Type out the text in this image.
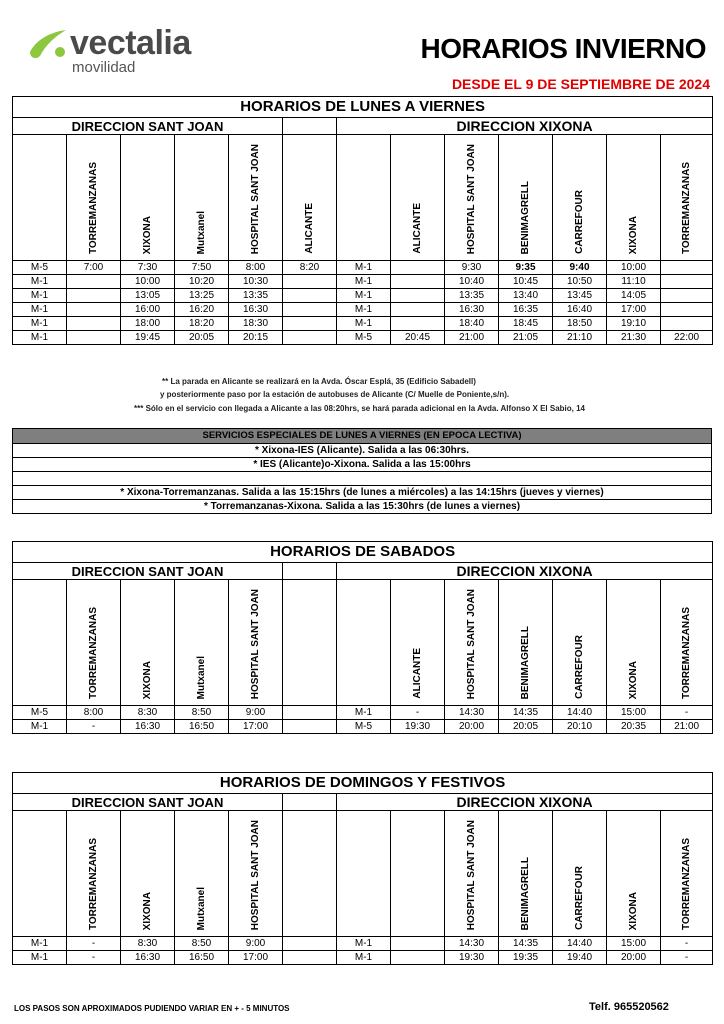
vectalia
movilidad
HORARIOS INVIERNO
DESDE EL 9 DE SEPTIEMBRE DE 2024
HORARIOS DE LUNES A VIERNES												
DIRECCION SANT JOAN						DIRECCION XIXONA						
	TORREMANZANAS	XIXONA	Mutxanel	HOSPITAL SANT JOAN	ALICANTE		ALICANTE	HOSPITAL SANT JOAN	BENIMAGRELL	CARREFOUR	XIXONA	TORREMANZANAS
M-5	7:00	7:30	7:50	8:00	8:20	M-1		9:30	9:35	9:40	10:00	
M-1		10:00	10:20	10:30		M-1		10:40	10:45	10:50	11:10	
M-1		13:05	13:25	13:35		M-1		13:35	13:40	13:45	14:05	
M-1		16:00	16:20	16:30		M-1		16:30	16:35	16:40	17:00	
M-1		18:00	18:20	18:30		M-1		18:40	18:45	18:50	19:10	
M-1		19:45	20:05	20:15		M-5	20:45	21:00	21:05	21:10	21:30	22:00
** La parada en Alicante se realizará en la Avda. Óscar Esplá, 35 (Edificio Sabadell)
y posteriormente paso por la estación de autobuses de Alicante (C/ Muelle de Poniente,s/n).
*** Sólo en el servicio con llegada a Alicante a las 08:20hrs, se hará parada adicional en la Avda. Alfonso X El Sabio, 14
SERVICIOS ESPECIALES DE LUNES A VIERNES (EN EPOCA LECTIVA)
* Xixona-IES (Alicante). Salida a las 06:30hrs.
* IES (Alicante)o-Xixona. Salida a las 15:00hrs

* Xixona-Torremanzanas. Salida a las 15:15hrs (de lunes a miércoles) a las 14:15hrs (jueves y viernes)
* Torremanzanas-Xixona. Salida a las 15:30hrs (de lunes a viernes)
HORARIOS DE SABADOS												
DIRECCION SANT JOAN						DIRECCION XIXONA						
	TORREMANZANAS	XIXONA	Mutxanel	HOSPITAL SANT JOAN			ALICANTE	HOSPITAL SANT JOAN	BENIMAGRELL	CARREFOUR	XIXONA	TORREMANZANAS
M-5	8:00	8:30	8:50	9:00		M-1	-	14:30	14:35	14:40	15:00	-
M-1	-	16:30	16:50	17:00		M-5	19:30	20:00	20:05	20:10	20:35	21:00
HORARIOS DE DOMINGOS Y FESTIVOS												
DIRECCION SANT JOAN						DIRECCION XIXONA						
	TORREMANZANAS	XIXONA	Mutxanel	HOSPITAL SANT JOAN				HOSPITAL SANT JOAN	BENIMAGRELL	CARREFOUR	XIXONA	TORREMANZANAS
M-1	-	8:30	8:50	9:00		M-1		14:30	14:35	14:40	15:00	-
M-1	-	16:30	16:50	17:00		M-1		19:30	19:35	19:40	20:00	-
LOS PASOS SON APROXIMADOS PUDIENDO VARIAR EN + - 5 MINUTOS	Telf. 965520562
